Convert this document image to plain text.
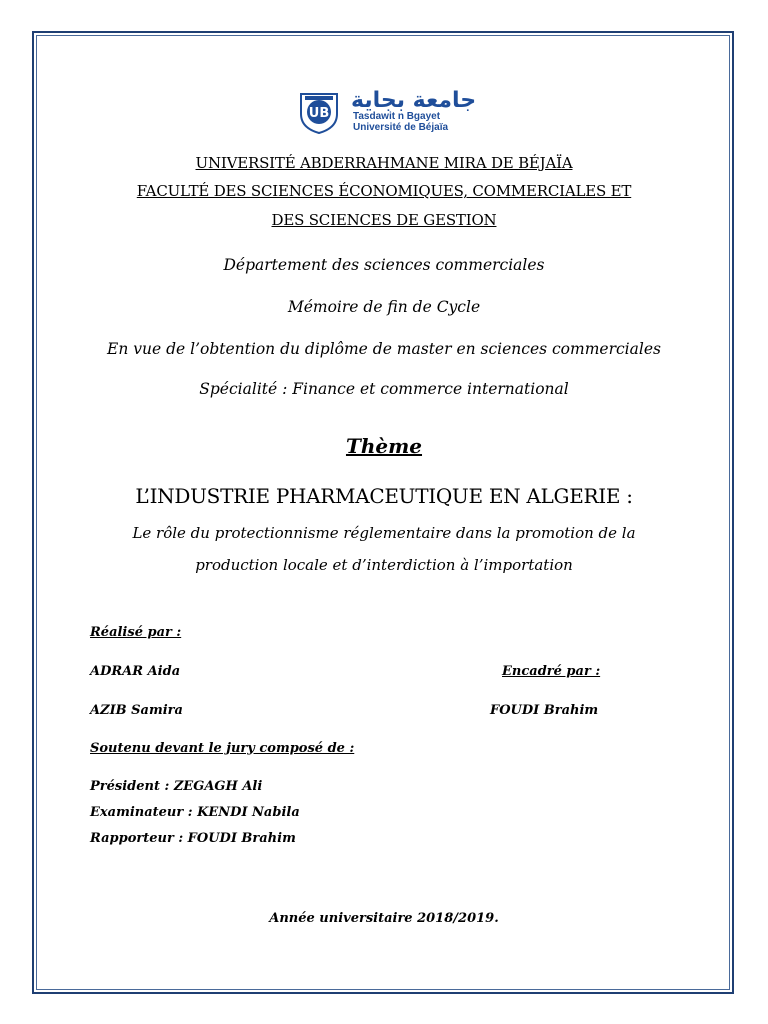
UB
جامعة بجاية
Tasdawit n Bgayet
Université de Béjaïa
UNIVERSITÉ ABDERRAHMANE MIRA DE BÉJAÏA
FACULTÉ DES SCIENCES ÉCONOMIQUES, COMMERCIALES ET
DES SCIENCES DE GESTION
Département des sciences commerciales
Mémoire de fin de Cycle
En vue de l’obtention du diplôme de master en sciences commerciales
Spécialité : Finance et commerce international
Thème
L’INDUSTRIE PHARMACEUTIQUE EN ALGERIE :
Le rôle du protectionnisme réglementaire dans la promotion de la
production locale et d’interdiction à l’importation
Réalisé par :
ADRAR Aida
AZIB Samira
Encadré par :
FOUDI Brahim
Soutenu devant le jury composé de :
Président : ZEGAGH Ali
Examinateur : KENDI Nabila
Rapporteur : FOUDI Brahim
Année universitaire 2018/2019.
